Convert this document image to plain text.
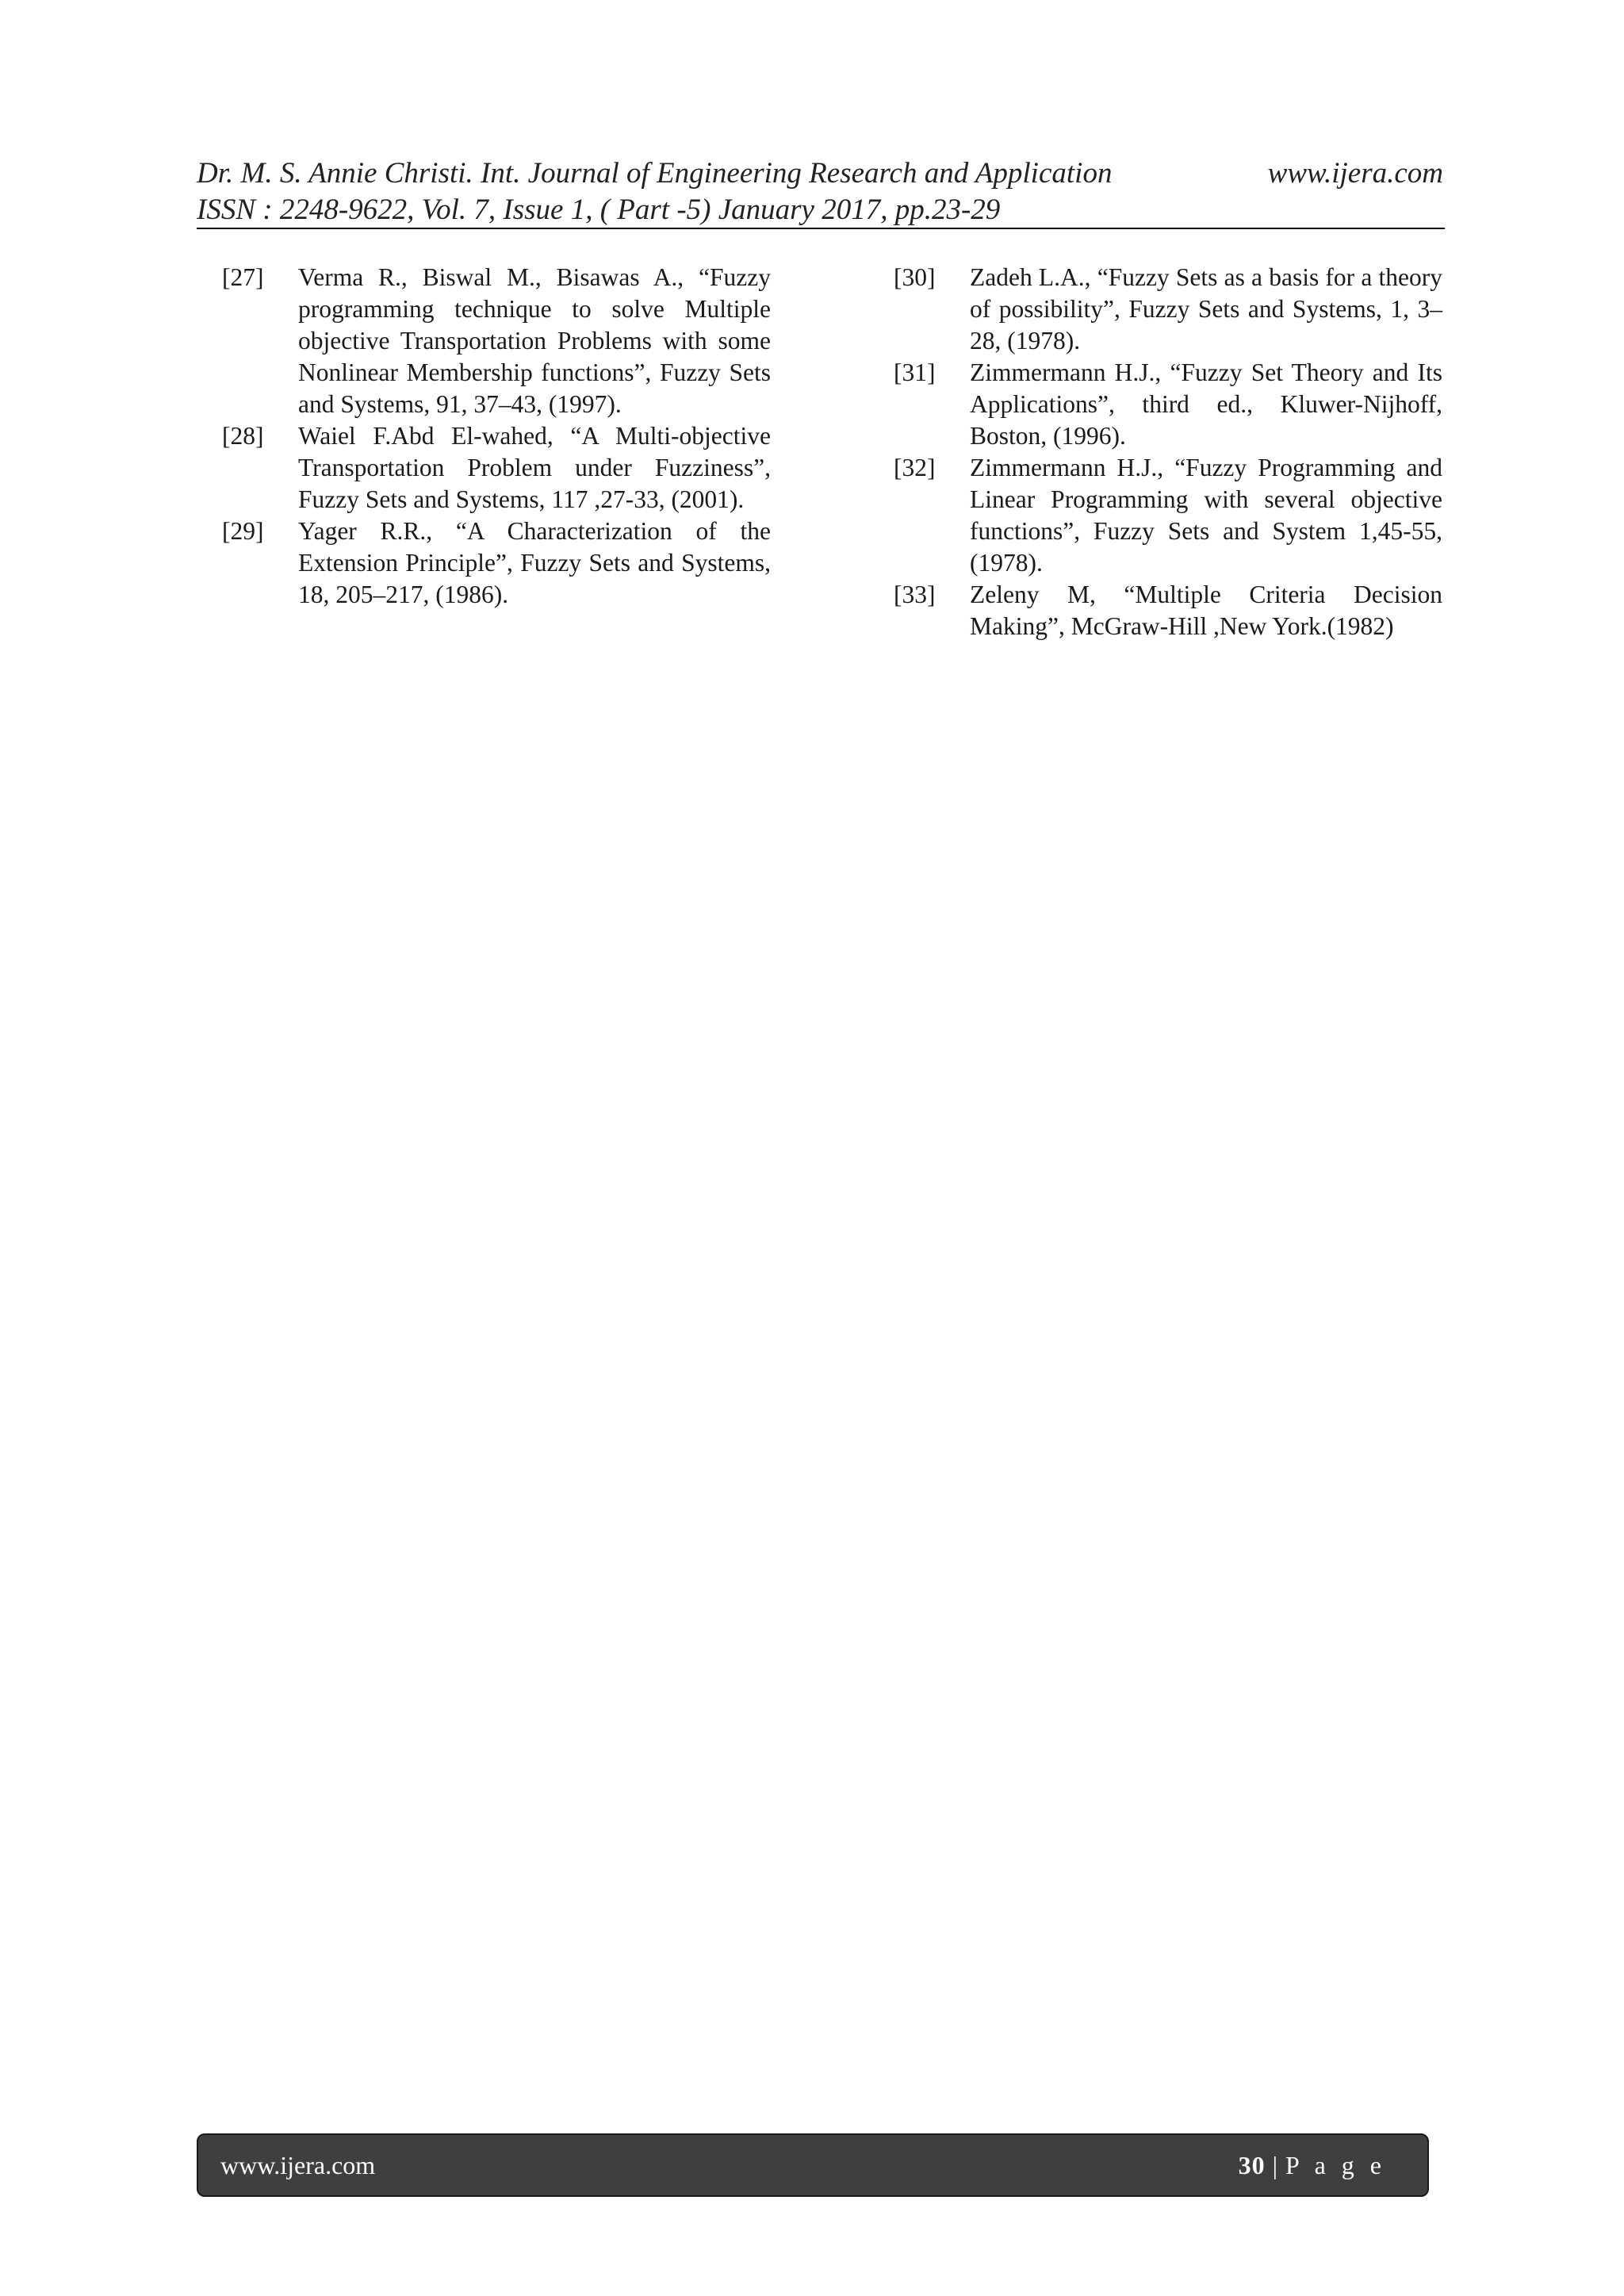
Dr. M. S. Annie Christi. Int. Journal of Engineering Research and Application	www.ijera.com
ISSN : 2248-9622, Vol. 7, Issue 1, ( Part -5) January 2017, pp.23-29
[27]	Verma R., Biswal M., Bisawas A., “Fuzzy programming technique to solve Multiple objective Transportation Problems with some Nonlinear Membership functions”, Fuzzy Sets and Systems, 91, 37–43, (1997).
[28]	Waiel F.Abd El-wahed, “A Multi-objective Transportation Problem under Fuzziness”, Fuzzy Sets and Systems, 117 ,27-33, (2001).
[29]	Yager R.R., “A Characterization of the Extension Principle”, Fuzzy Sets and Systems, 18, 205–217, (1986).
[30]	Zadeh L.A., “Fuzzy Sets as a basis for a theory of possibility”, Fuzzy Sets and Systems, 1, 3–28, (1978).
[31]	Zimmermann H.J., “Fuzzy Set Theory and Its Applications”, third ed., Kluwer-Nijhoff, Boston, (1996).
[32]	Zimmermann H.J., “Fuzzy Programming and Linear Programming with several objective functions”, Fuzzy Sets and System 1,45-55, (1978).
[33]	Zeleny M, “Multiple Criteria Decision Making”, McGraw-Hill ,New York.(1982)
www.ijera.com	30 | P a g e
